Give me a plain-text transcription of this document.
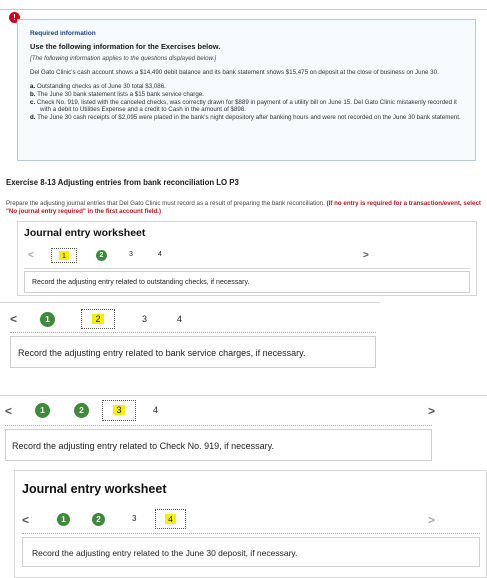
!
Required information
Use the following information for the Exercises below.
[The following information applies to the questions displayed below.]
Del Gato Clinic's cash account shows a $14,490 debit balance and its bank statement shows $15,475 on deposit at the close of business on June 30.
a. Outstanding checks as of June 30 total $3,086.
b. The June 30 bank statement lists a $15 bank service charge.
c. Check No. 919, listed with the canceled checks, was correctly drawn for $889 in payment of a utility bill on June 15. Del Gato Clinic mistakenly recorded it with a debit to Utilities Expense and a credit to Cash in the amount of $898.
d. The June 30 cash receipts of $2,095 were placed in the bank's night depository after banking hours and were not recorded on the June 30 bank statement.
Exercise 8-13 Adjusting entries from bank reconciliation LO P3
Prepare the adjusting journal entries that Del Gato Clinic must record as a result of preparing the bank reconciliation. (If no entry is required for a transaction/event, select "No journal entry required" in the first account field.)
Journal entry worksheet
<	1	2	3	4	>
Record the adjusting entry related to outstanding checks, if necessary.
<	1	2	3	4
Record the adjusting entry related to bank service charges, if necessary.
<	1	2	3	4	>
Record the adjusting entry related to Check No. 919, if necessary.
Journal entry worksheet
<	1	2	3	4	>
Record the adjusting entry related to the June 30 deposit, if necessary.
